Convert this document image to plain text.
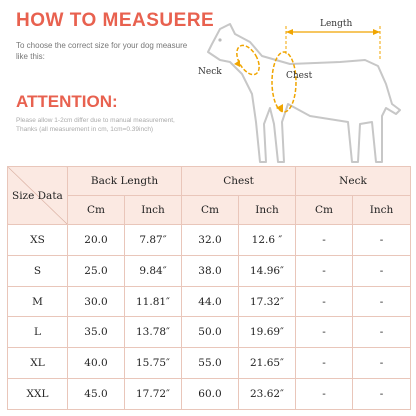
HOW TO MEASUERE
To choose the correct size for your dog measure like this:
ATTENTION:
Please allow 1-2cm differ due to manual measurement,
Thanks (all measurement in cm, 1cm=0.39inch)
Length
Neck	Chest
Size Data	Back Length		Chest		Neck	
	Cm	Inch	Cm	Inch	Cm	Inch
XS	20.0	7.87″	32.0	12.6 ″	-	-
S	25.0	9.84″	38.0	14.96″	-	-
M	30.0	11.81″	44.0	17.32″	-	-
L	35.0	13.78″	50.0	19.69″	-	-
XL	40.0	15.75″	55.0	21.65″	-	-
XXL	45.0	17.72″	60.0	23.62″	-	-
